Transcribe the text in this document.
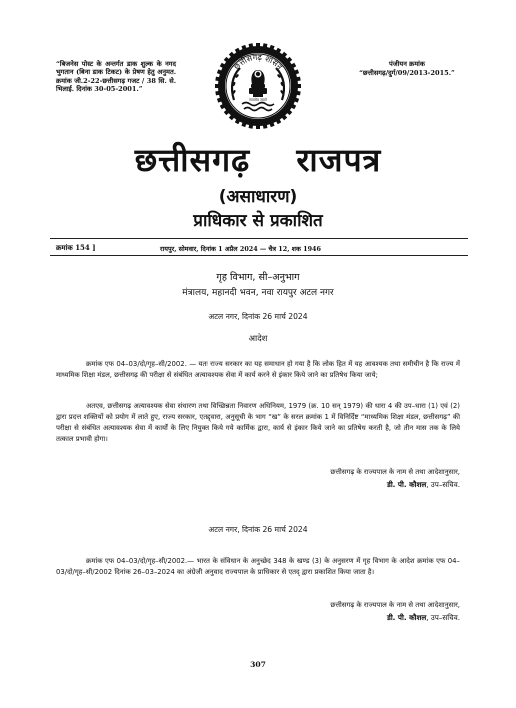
“बिजनेस पोस्ट के अन्तर्गत डाक शुल्क के नगद भुगतान (बिना डाक टिकट) के प्रेषण हेतु अनुमत. क्रमांक जी.2-22-छत्तीसगढ़ गजट / 38 सि. से. भिलाई. दिनांक 30-05-2001.”
पंजीयन क्रमांक
“छत्तीसगढ़/दुर्ग/09/2013-2015.”
छत्तीसगढ़ शासन
सत्यमेव जयते
छत्तीसगढ़ राजपत्र
(असाधारण)
प्राधिकार से प्रकाशित
क्रमांक 154 ]	रायपुर, सोमवार, दिनांक 1 अप्रैल 2024 — चैत्र 12, शक 1946
गृह विभाग, सी–अनुभाग
मंत्रालय, महानदी भवन, नवा रायपुर अटल नगर
अटल नगर, दिनांक 26 मार्च 2024
आदेश
क्रमांक एफ 04–03/दो/गृह–सी/2002. — यतः राज्य सरकार का यह समाधान हो गया है कि लोक हित में यह आवश्यक तथा समीचीन है कि राज्य में माध्यमिक शिक्षा मंडल, छत्तीसगढ़ की परीक्षा से संबंधित अत्यावश्यक सेवा में कार्य करने से इंकार किये जाने का प्रतिषेध किया जाये;
अतएव, छत्तीसगढ़ अत्यावश्यक सेवा संधारण तथा विच्छिन्नता निवारण अधिनियम, 1979 (क्र. 10 सन् 1979) की धारा 4 की उप–धारा (1) एवं (2) द्वारा प्रदत्त शक्तियों को प्रयोग में लाते हुए, राज्य सरकार, एतद्द्वारा, अनुसूची के भाग “ख” के सरल क्रमांक 1 में विनिर्दिष्ट “माध्यमिक शिक्षा मंडल, छत्तीसगढ़” की परीक्षा से संबंधित अत्यावश्यक सेवा में कार्यों के लिए नियुक्त किये गये कार्मिक द्वारा, कार्य से इंकार किये जाने का प्रतिषेध करती है, जो तीन मास तक के लिये तत्काल प्रभावी होगा।
छत्तीसगढ़ के राज्यपाल के नाम से तथा आदेशानुसार,
डी. पी. कौशल, उप–सचिव.
अटल नगर, दिनांक 26 मार्च 2024
क्रमांक एफ 04–03/दो/गृह–सी/2002.— भारत के संविधान के अनुच्छेद 348 के खण्ड (3) के अनुसरण में गृह विभाग के आदेश क्रमांक एफ 04–03/दो/गृह–सी/2002 दिनांक 26–03–2024 का अंग्रेजी अनुवाद राज्यपाल के प्राधिकार से एतद् द्वारा प्रकाशित किया जाता है।
छत्तीसगढ़ के राज्यपाल के नाम से तथा आदेशानुसार,
डी. पी. कौशल, उप–सचिव.
307
